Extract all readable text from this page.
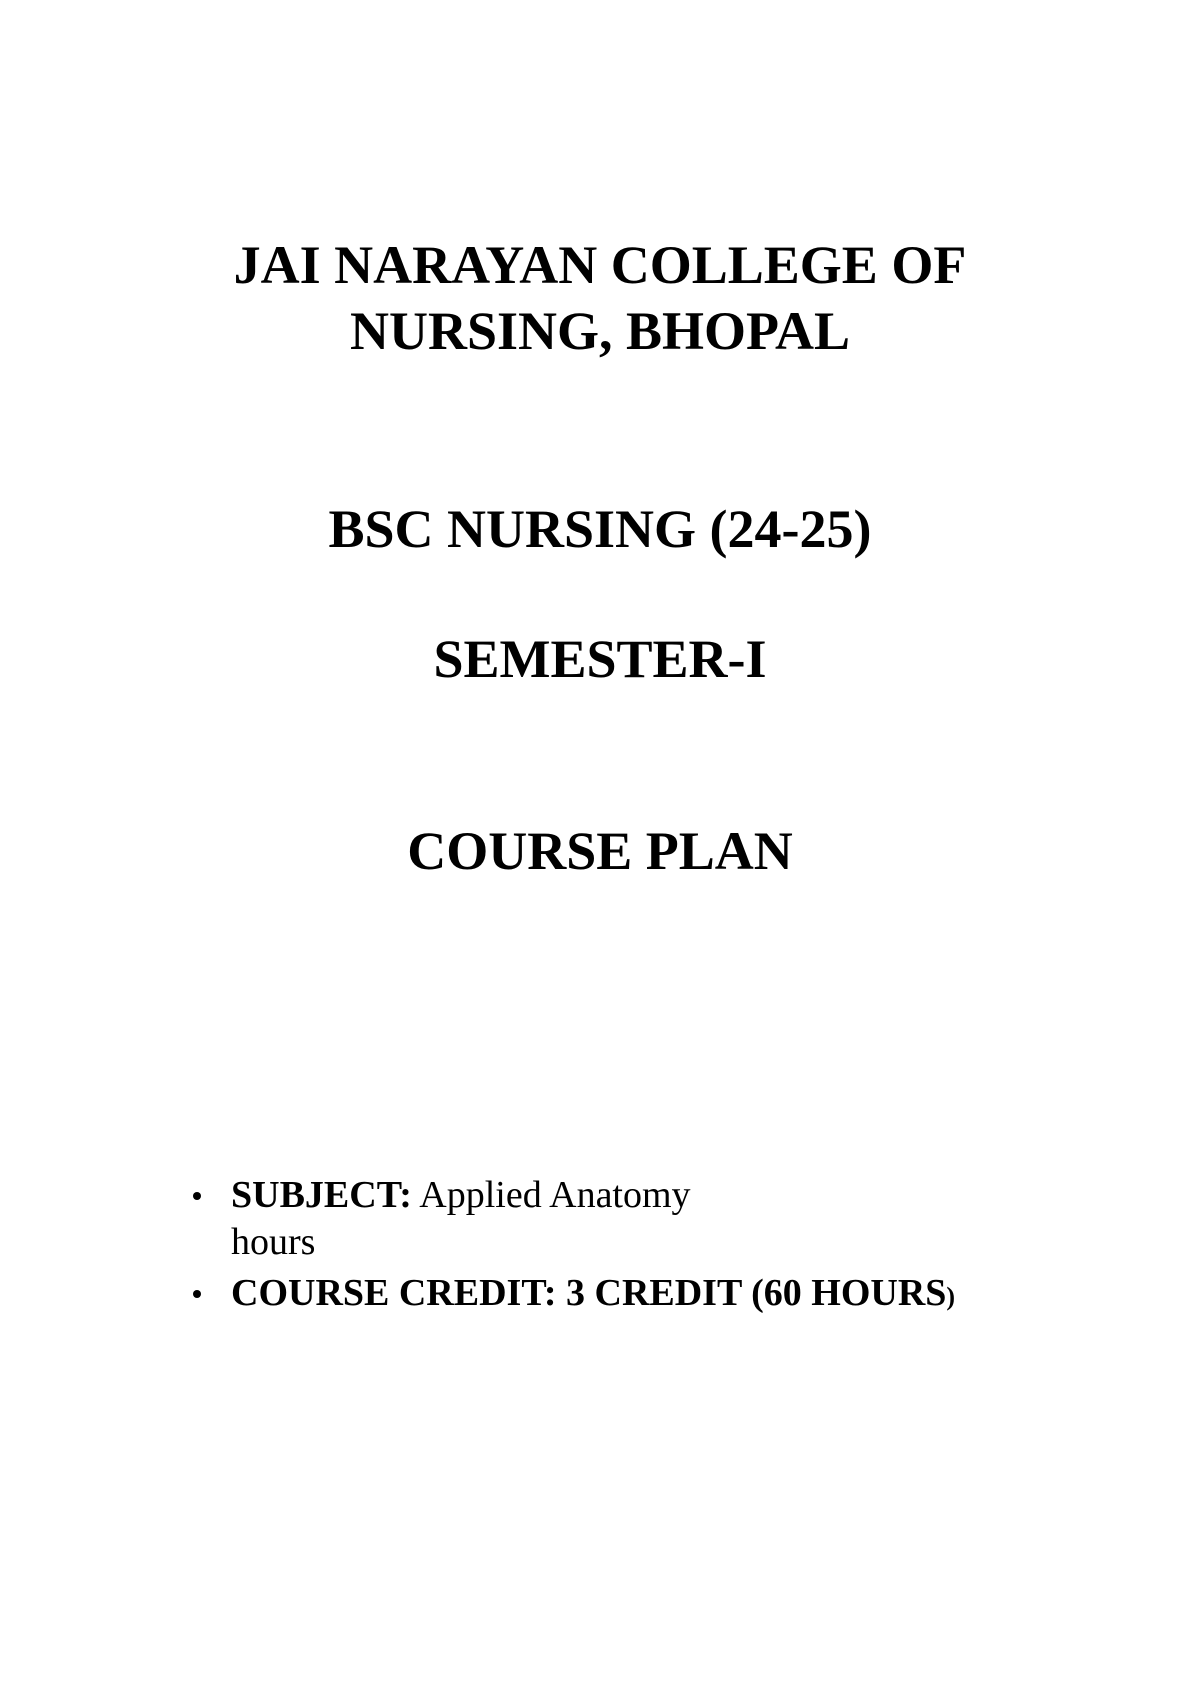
JAI NARAYAN COLLEGE OF
NURSING, BHOPAL
BSC NURSING (24-25)
SEMESTER-I
COURSE PLAN
SUBJECT: Applied Anatomy
hours
COURSE CREDIT: 3 CREDIT (60 HOURS)
